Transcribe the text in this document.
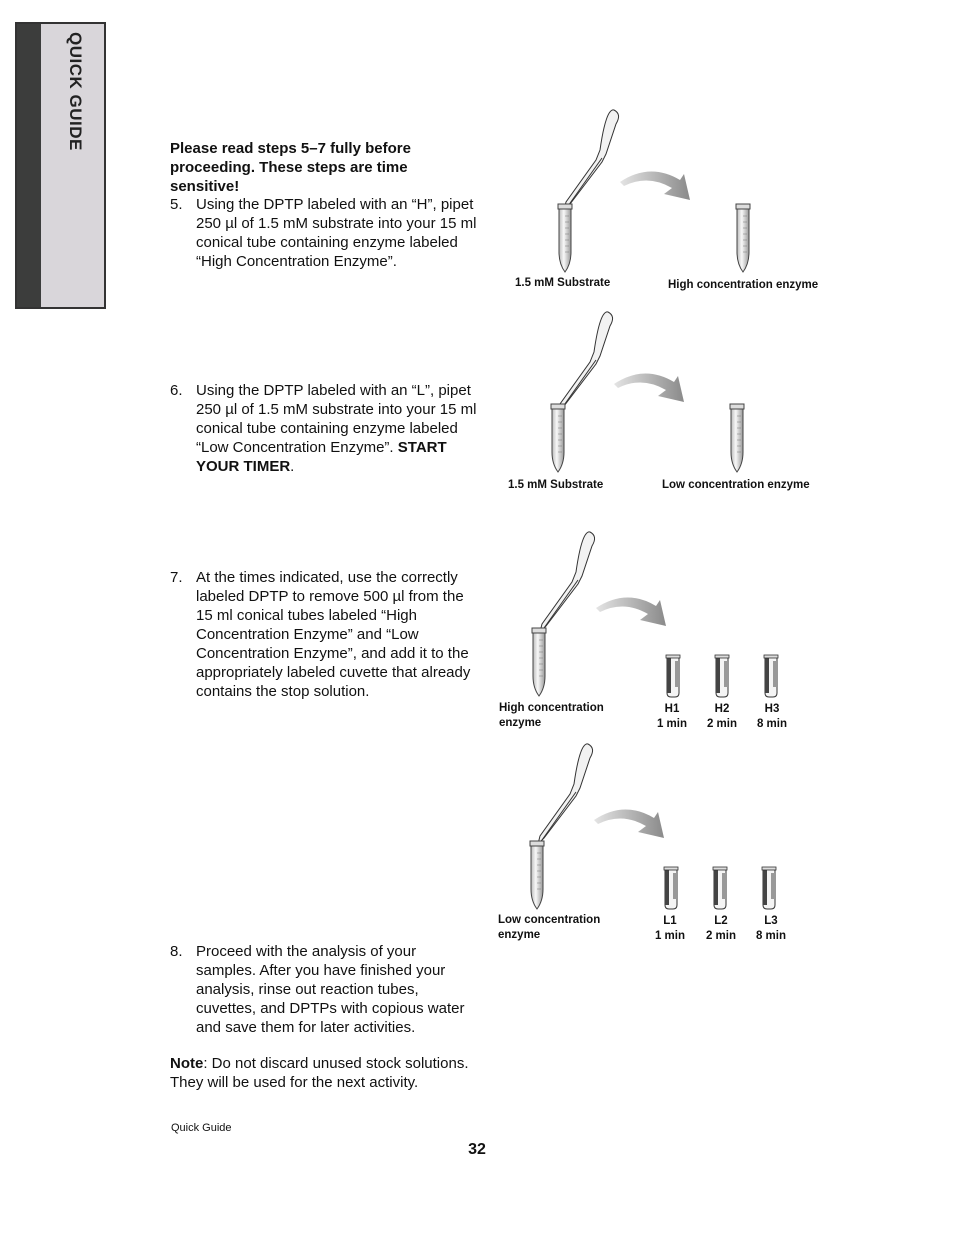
QUICK GUIDE	Please read steps 5–7 fully before proceeding. These steps are time sensitive!
5. Using the DPTP labeled with an “H”, pipet 250 µl of 1.5 mM substrate into your 15 ml conical tube containing enzyme labeled “High Concentration Enzyme”.
6. Using the DPTP labeled with an “L”, pipet 250 µl of 1.5 mM substrate into your 15 ml conical tube containing enzyme labeled “Low Concentration Enzyme”. START YOUR TIMER.
7. At the times indicated, use the correctly labeled DPTP to remove 500 µl from the 15 ml conical tubes labeled “High Concentration Enzyme” and “Low Concentration Enzyme”, and add it to the appropriately labeled cuvette that already contains the stop solution.
8. Proceed with the analysis of your samples. After you have finished your analysis, rinse out reaction tubes, cuvettes, and DPTPs with copious water and save them for later activities.
Note: Do not discard unused stock solutions. They will be used for the next activity.
1.5 mM Substrate	High concentration enzyme
1.5 mM Substrate	Low concentration enzyme
High concentration
enzyme
H1
1 min
H2
2 min
H3
8 min
Low concentration
enzyme
L1
1 min
L2
2 min
L3
8 min
Quick Guide
32
